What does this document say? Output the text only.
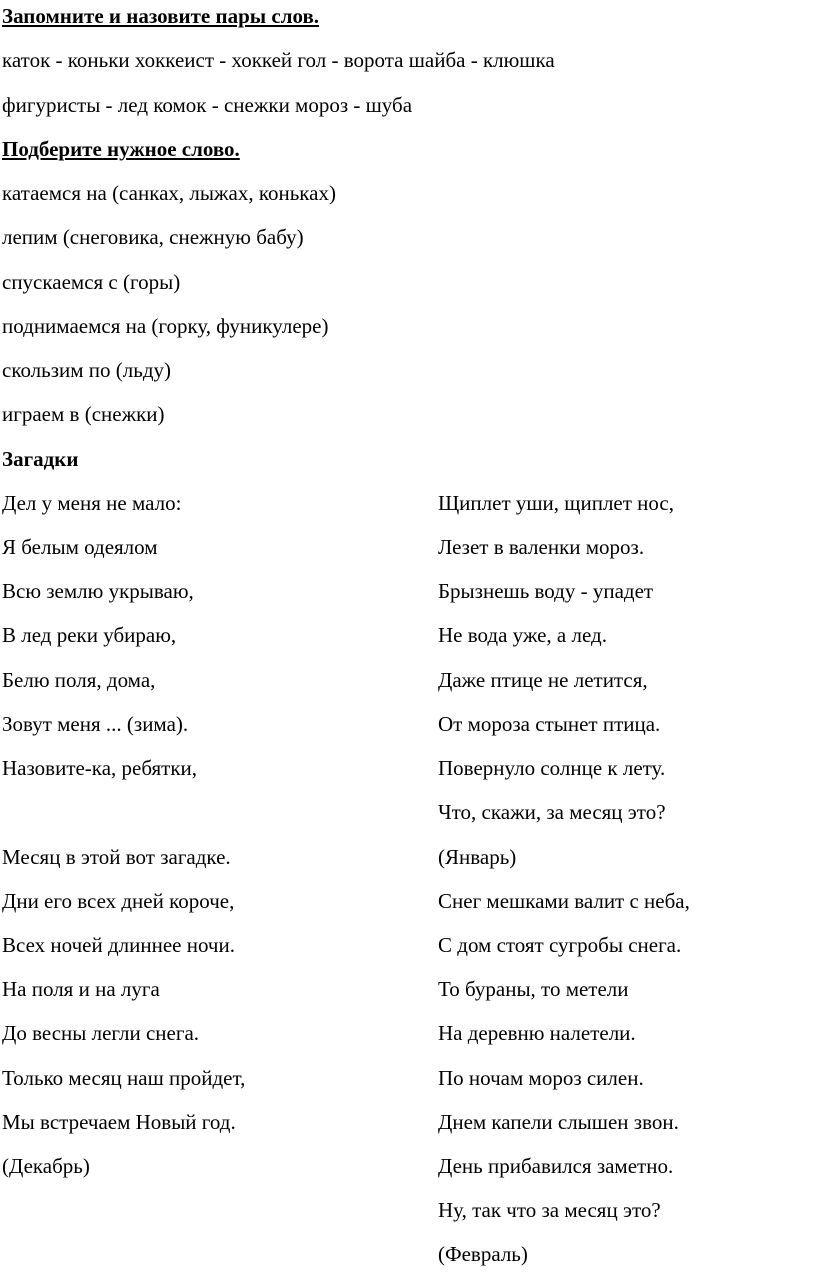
Запомните и назовите пары слов.
каток - коньки хоккеист - хоккей гол - ворота шайба - клюшка
фигуристы - лед комок - снежки мороз - шуба
Подберите нужное слово.
катаемся на (санках, лыжах, коньках)
лепим (снеговика, снежную бабу)
спускаемся с (горы)
поднимаемся на (горку, фуникулере)
скользим по (льду)
играем в (снежки)
Загадки
Дел у меня не мало:
Я белым одеялом
Всю землю укрываю,
В лед реки убираю,
Белю поля, дома,
Зовут меня ... (зима).
Назовите-ка, ребятки,
Месяц в этой вот загадке.
Дни его всех дней короче,
Всех ночей длиннее ночи.
На поля и на луга
До весны легли снега.
Только месяц наш пройдет,
Мы встречаем Новый год.
(Декабрь)
Щиплет уши, щиплет нос,
Лезет в валенки мороз.
Брызнешь воду - упадет
Не вода уже, а лед.
Даже птице не летится,
От мороза стынет птица.
Повернуло солнце к лету.
Что, скажи, за месяц это?
(Январь)
Снег мешками валит с неба,
С дом стоят сугробы снега.
То бураны, то метели
На деревню налетели.
По ночам мороз силен.
Днем капели слышен звон.
День прибавился заметно.
Ну, так что за месяц это?
(Февраль)
